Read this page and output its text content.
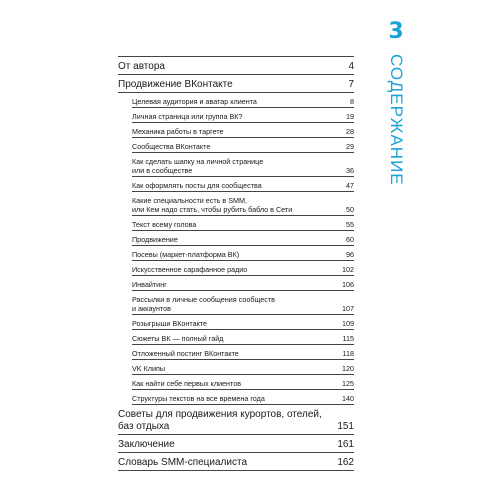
От автора	4
Продвижение ВКонтакте	7
Целевая аудитория и аватар клиента	8
Личная страница или группа ВК?	19
Механика работы в таргете	28
Сообщества ВКонтакте	29
Как сделать шапку на личной странице
или в сообществе	36
Как оформлять посты для сообщества	47
Какие специальности есть в SMM,
или Кем надо стать, чтобы рубить бабло в Сети	50
Текст всему голова	55
Продвижение	60
Посевы (маркет-платформа ВК)	96
Искусственное сарафанное радио	102
Инвайтинг	106
Рассылки в личные сообщения сообществ
и аккаунтов	107
Розыгрыши ВКонтакте	109
Сюжеты ВК — полный гайд	115
Отложенный постинг ВКонтакте	118
VK Клипы	120
Как найти себе первых клиентов	125
Структуры текстов на все времена года	140
Советы для продвижения курортов, отелей,
баз отдыха	151
Заключение	161
Словарь SMM-специалиста	162
3
СОДЕРЖАНИЕ
